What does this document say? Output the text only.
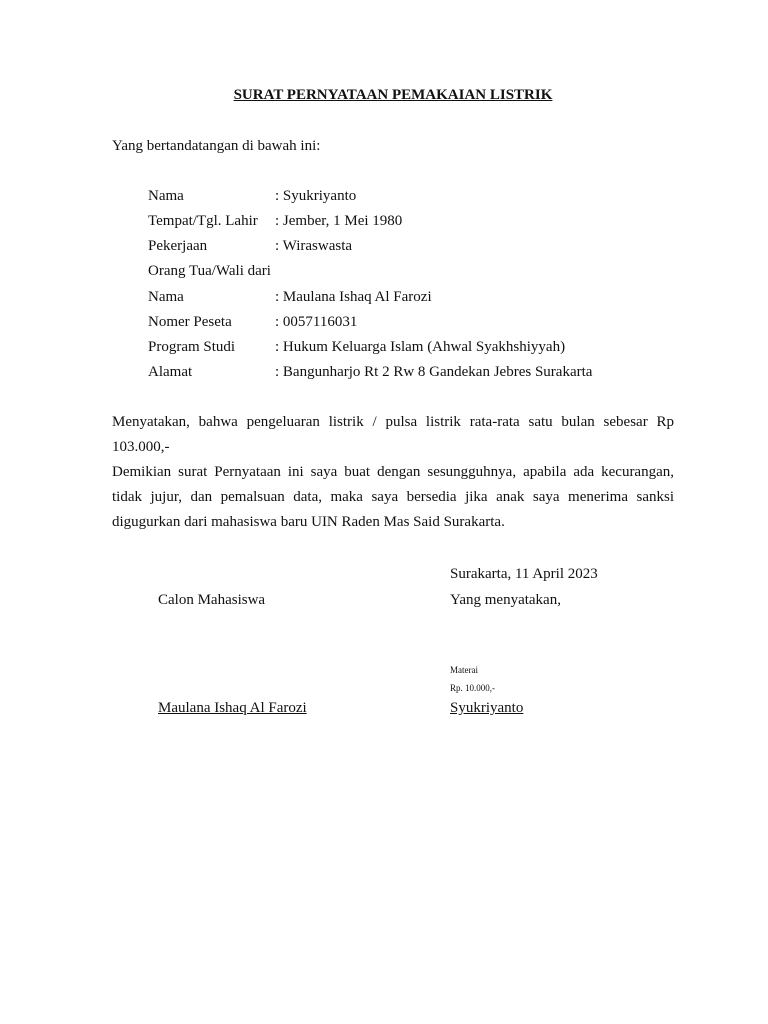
SURAT PERNYATAAN PEMAKAIAN LISTRIK
Yang bertandatangan di bawah ini:
Nama	: Syukriyanto
Tempat/Tgl. Lahir : Jember, 1 Mei 1980
Pekerjaan	: Wiraswasta
Orang Tua/Wali dari
Nama	: Maulana Ishaq Al Farozi
Nomer Peseta	: 0057116031
Program Studi	: Hukum Keluarga Islam (Ahwal Syakhshiyyah)
Alamat	: Bangunharjo Rt 2 Rw 8 Gandekan Jebres Surakarta
Menyatakan, bahwa pengeluaran listrik / pulsa listrik rata-rata satu bulan sebesar Rp 103.000,-
Demikian surat Pernyataan ini saya buat dengan sesungguhnya, apabila ada kecurangan, tidak jujur, dan pemalsuan data, maka saya bersedia jika anak saya menerima sanksi digugurkan dari mahasiswa baru UIN Raden Mas Said Surakarta.
Surakarta, 11 April 2023
Calon Mahasiswa	Yang menyatakan,
Materai
Rp. 10.000,-
Maulana Ishaq Al Farozi	Syukriyanto
